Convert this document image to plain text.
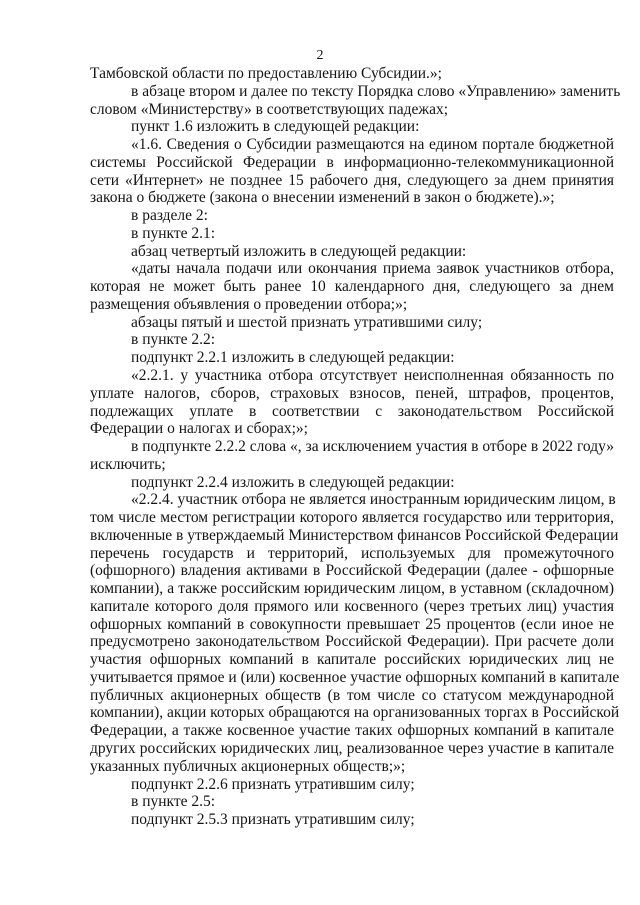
2
Тамбовской области по предоставлению Субсидии.»;
в абзаце втором и далее по тексту Порядка слово «Управлению» заменить
словом «Министерству» в соответствующих падежах;
пункт 1.6 изложить в следующей редакции:
«1.6. Сведения о Субсидии размещаются на едином портале бюджетной
системы Российской Федерации в информационно-телекоммуникационной
сети «Интернет» не позднее 15 рабочего дня, следующего за днем принятия
закона о бюджете (закона о внесении изменений в закон о бюджете).»;
в разделе 2:
в пункте 2.1:
абзац четвертый изложить в следующей редакции:
«даты начала подачи или окончания приема заявок участников отбора,
которая не может быть ранее 10 календарного дня, следующего за днем
размещения объявления о проведении отбора;»;
абзацы пятый и шестой признать утратившими силу;
в пункте 2.2:
подпункт 2.2.1 изложить в следующей редакции:
«2.2.1. у участника отбора отсутствует неисполненная обязанность по
уплате налогов, сборов, страховых взносов, пеней, штрафов, процентов,
подлежащих уплате в соответствии с законодательством Российской
Федерации о налогах и сборах;»;
в подпункте 2.2.2 слова «, за исключением участия в отборе в 2022 году»
исключить;
подпункт 2.2.4 изложить в следующей редакции:
«2.2.4. участник отбора не является иностранным юридическим лицом, в
том числе местом регистрации которого является государство или территория,
включенные в утверждаемый Министерством финансов Российской Федерации
перечень государств и территорий, используемых для промежуточного
(офшорного) владения активами в Российской Федерации (далее - офшорные
компании), а также российским юридическим лицом, в уставном (складочном)
капитале которого доля прямого или косвенного (через третьих лиц) участия
офшорных компаний в совокупности превышает 25 процентов (если иное не
предусмотрено законодательством Российской Федерации). При расчете доли
участия офшорных компаний в капитале российских юридических лиц не
учитывается прямое и (или) косвенное участие офшорных компаний в капитале
публичных акционерных обществ (в том числе со статусом международной
компании), акции которых обращаются на организованных торгах в Российской
Федерации, а также косвенное участие таких офшорных компаний в капитале
других российских юридических лиц, реализованное через участие в капитале
указанных публичных акционерных обществ;»;
подпункт 2.2.6 признать утратившим силу;
в пункте 2.5:
подпункт 2.5.3 признать утратившим силу;
